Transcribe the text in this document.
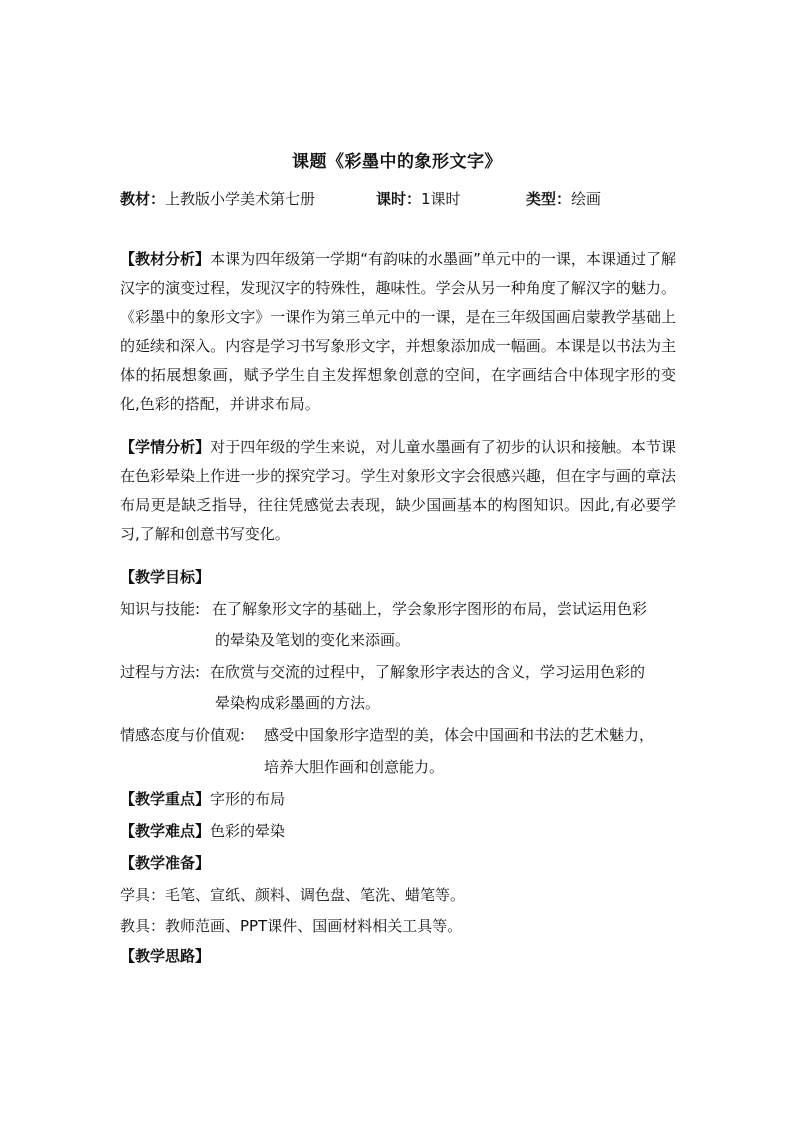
课题《彩墨中的象形文字》
教材：上教版小学美术第七册	课时：1课时	类型：绘画
【教材分析】本课为四年级第一学期“有韵味的水墨画”单元中的一课，本课通过了解汉字的演变过程，发现汉字的特殊性，趣味性。学会从另一种角度了解汉字的魅力。《彩墨中的象形文字》一课作为第三单元中的一课，是在三年级国画启蒙教学基础上的延续和深入。内容是学习书写象形文字，并想象添加成一幅画。本课是以书法为主体的拓展想象画，赋予学生自主发挥想象创意的空间，在字画结合中体现字形的变化,色彩的搭配，并讲求布局。
【学情分析】对于四年级的学生来说，对儿童水墨画有了初步的认识和接触。本节课在色彩晕染上作进一步的探究学习。学生对象形文字会很感兴趣，但在字与画的章法布局更是缺乏指导，往往凭感觉去表现，缺少国画基本的构图知识。因此,有必要学习,了解和创意书写变化。
【教学目标】
知识与技能: 在了解象形文字的基础上，学会象形字图形的布局，尝试运用色彩
的晕染及笔划的变化来添画。
过程与方法: 在欣赏与交流的过程中，了解象形字表达的含义，学习运用色彩的
晕染构成彩墨画的方法。
情感态度与价值观: 感受中国象形字造型的美，体会中国画和书法的艺术魅力，
培养大胆作画和创意能力。
【教学重点】字形的布局
【教学难点】色彩的晕染
【教学准备】
学具：毛笔、宣纸、颜料、调色盘、笔洗、蜡笔等。
教具：教师范画、PPT课件、国画材料相关工具等。
【教学思路】
